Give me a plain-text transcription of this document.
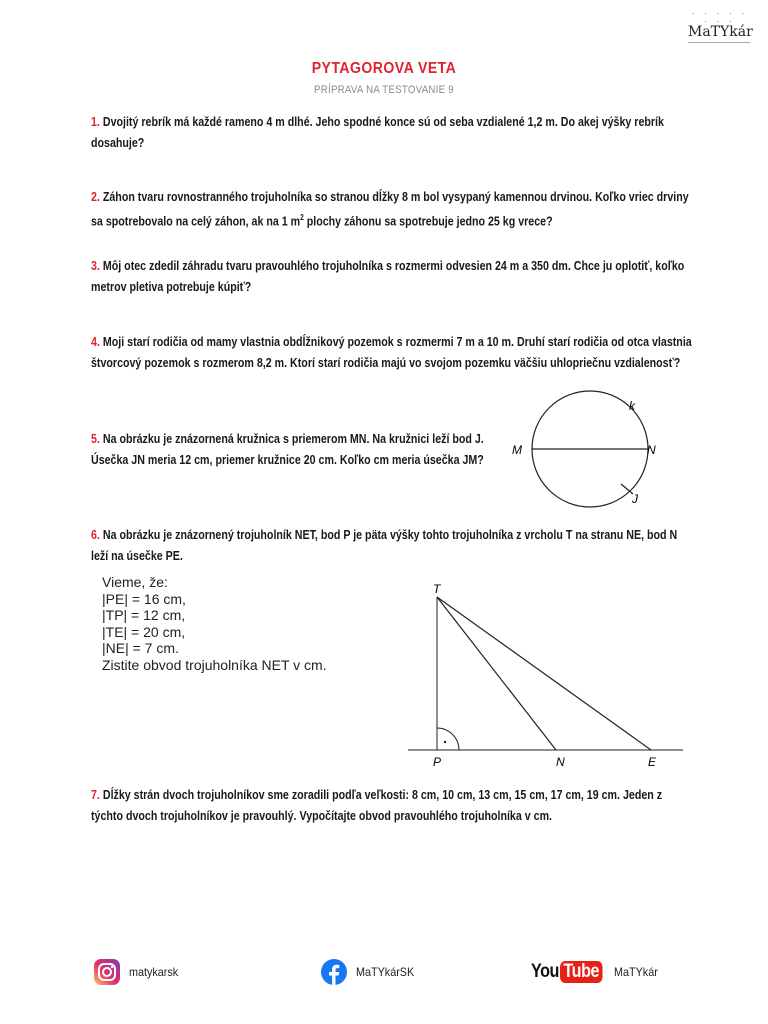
. . . . . . . .
MaTYkár
PYTAGOROVA VETA
PRÍPRAVA NA TESTOVANIE 9
1. Dvojitý rebrík má každé rameno 4 m dlhé. Jeho spodné konce sú od seba vzdialené 1,2 m. Do akej výšky rebrík dosahuje?
2. Záhon tvaru rovnostranného trojuholníka so stranou dĺžky 8 m bol vysypaný kamennou drvinou. Koľko vriec drviny sa spotrebovalo na celý záhon, ak na 1 $m^2$ plochy záhonu sa spotrebuje jedno 25 kg vrece?
3. Môj otec zdedil záhradu tvaru pravouhlého trojuholníka s rozmermi odvesien 24 m a 350 dm. Chce ju oplotiť, koľko metrov pletiva potrebuje kúpiť?
4. Moji starí rodičia od mamy vlastnia obdĺžnikový pozemok s rozmermi 7 m a 10 m. Druhí starí rodičia od otca vlastnia štvorcový pozemok s rozmerom 8,2 m. Ktorí starí rodičia majú vo svojom pozemku väčšiu uhlopriečnu vzdialenosť?
5. Na obrázku je znázornená kružnica s priemerom MN. Na kružnici leží bod J. Úsečka JN meria 12 cm, priemer kružnice 20 cm. Koľko cm meria úsečka JM?
k
M	N
J
6. Na obrázku je znázornený trojuholník NET, bod P je päta výšky tohto trojuholníka z vrcholu T na stranu NE, bod N leží na úsečke PE.
Vieme, že:
|PE| = 16 cm,
|TP| = 12 cm,
|TE| = 20 cm,
|NE| = 7 cm.
Zistite obvod trojuholníka NET v cm.
T
P	N	E
7. Dĺžky strán dvoch trojuholníkov sme zoradili podľa veľkosti: 8 cm, 10 cm, 13 cm, 15 cm, 17 cm, 19 cm. Jeden z týchto dvoch trojuholníkov je pravouhlý. Vypočítajte obvod pravouhlého trojuholníka v cm.
matykarsk	MaTYkárSK	You Tube MaTYkár
